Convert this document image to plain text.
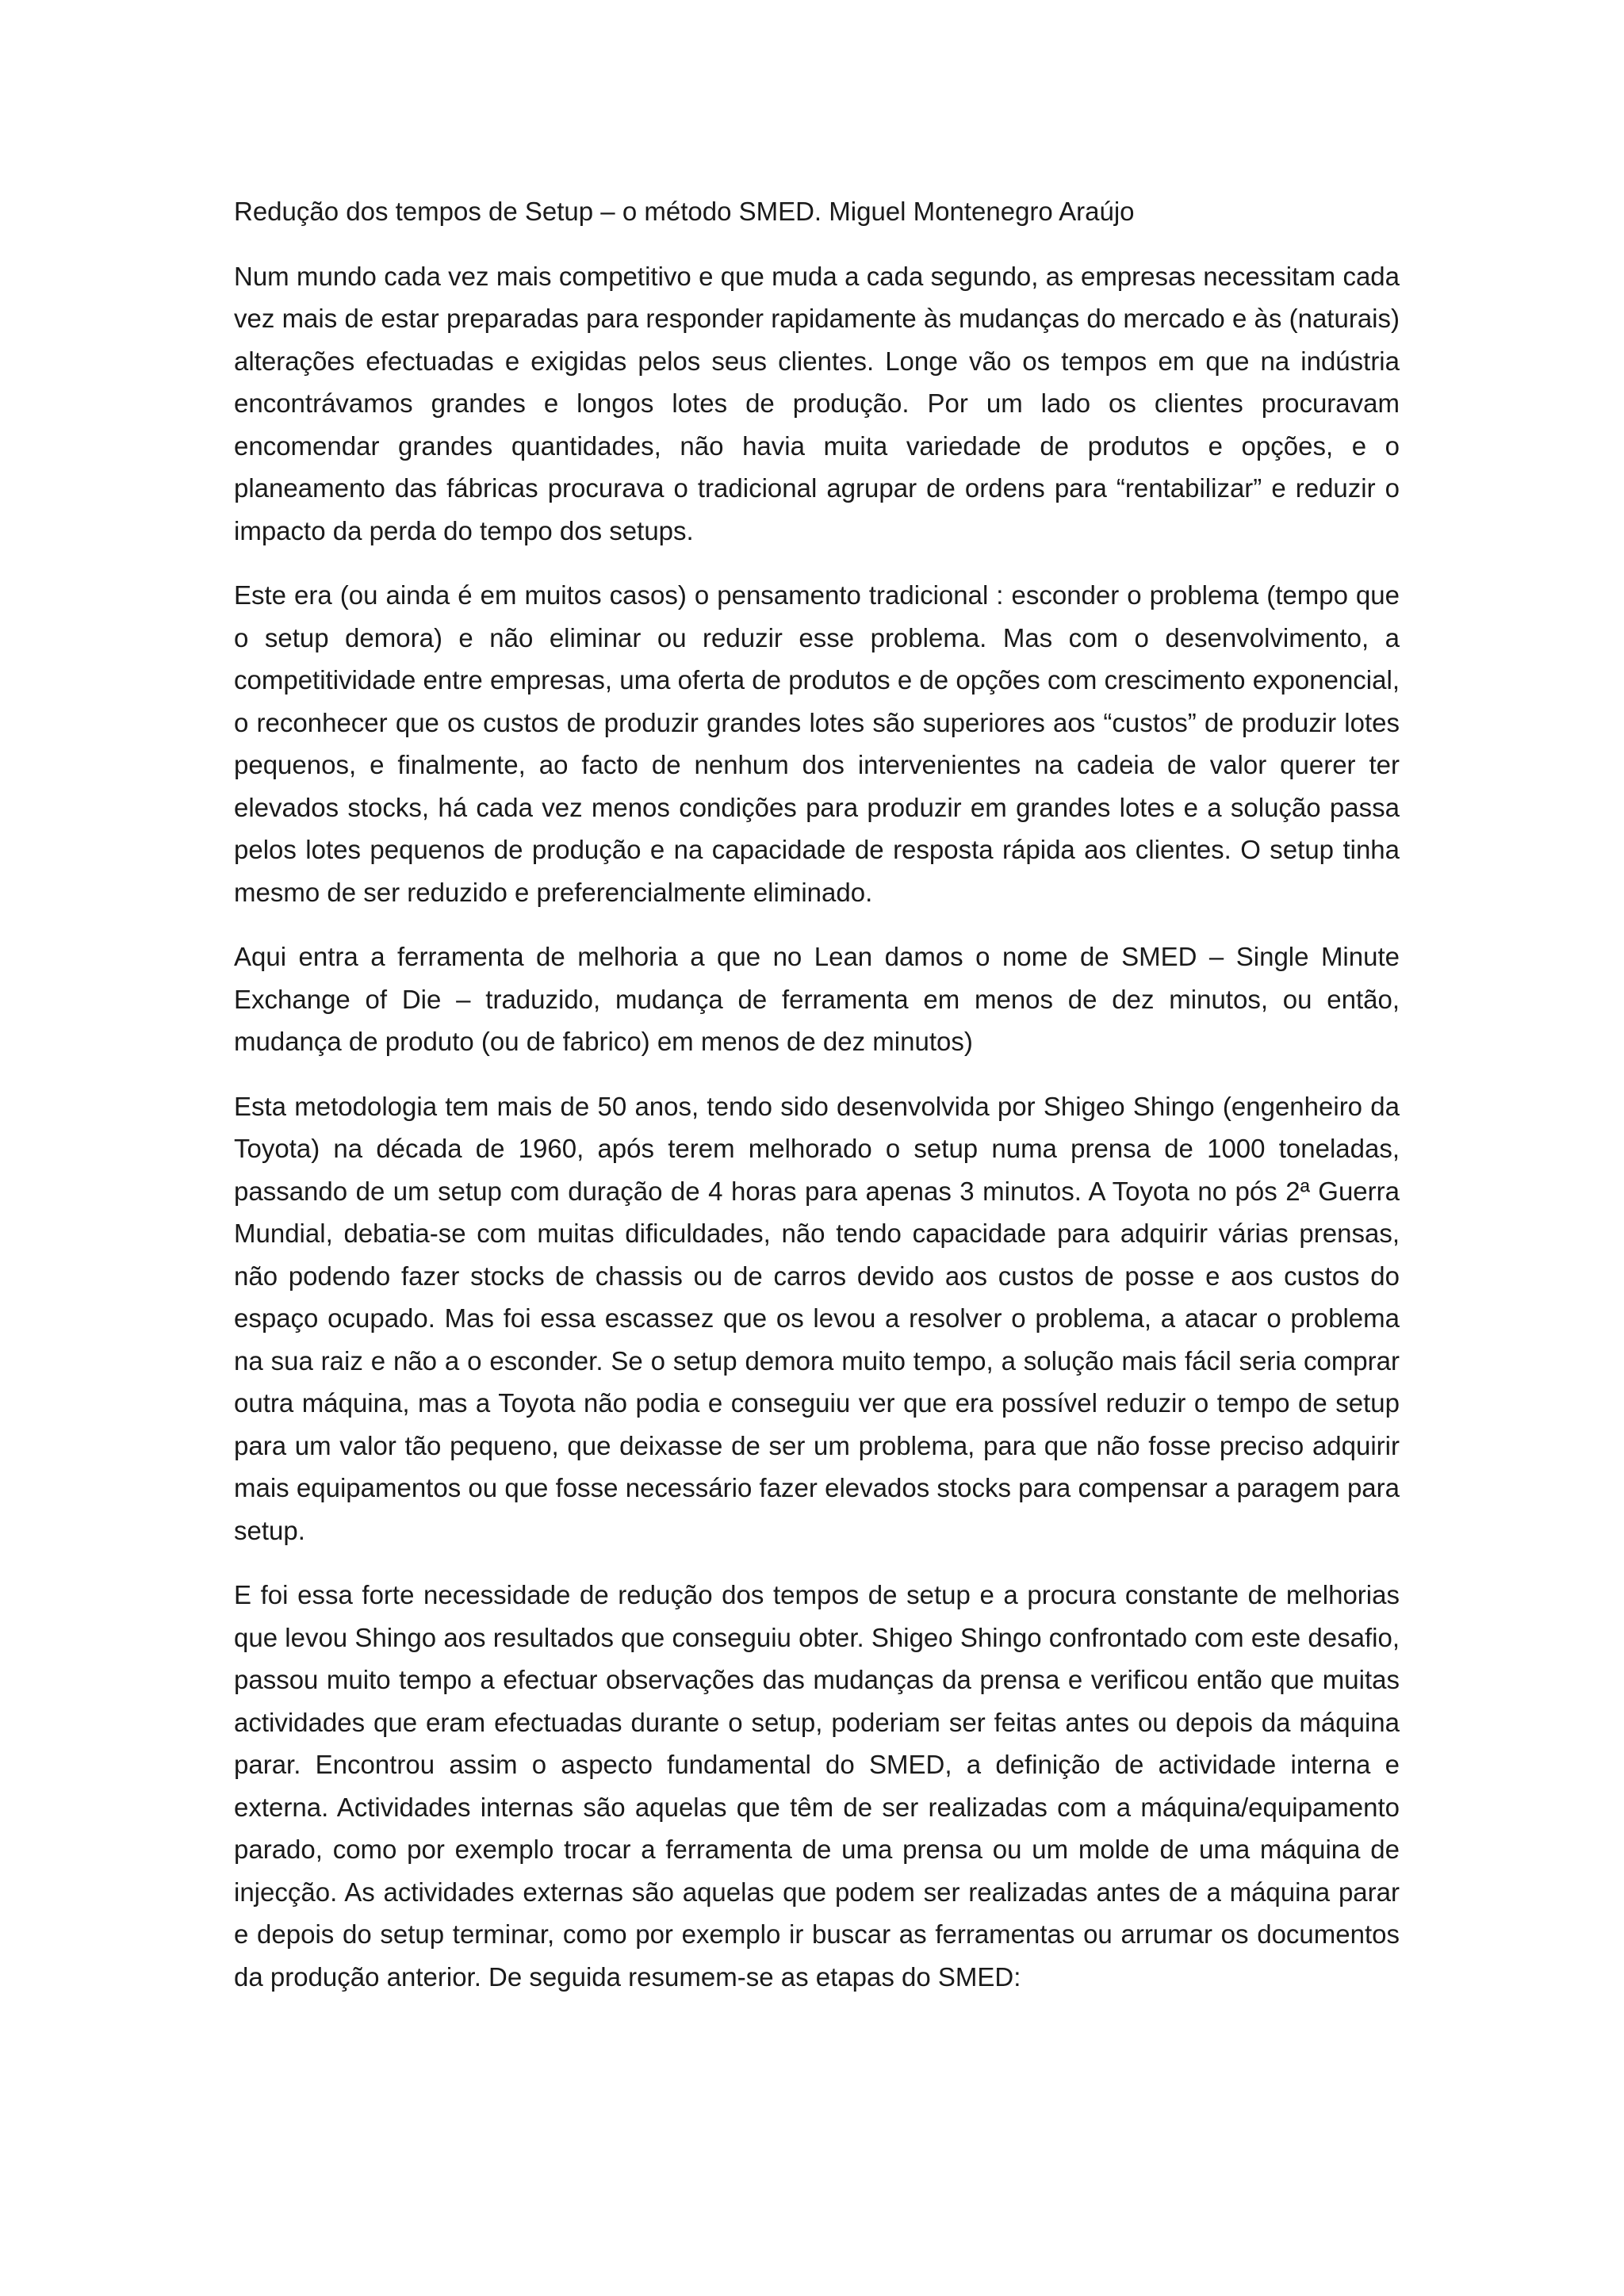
Redução dos tempos de Setup – o método SMED. Miguel Montenegro Araújo

Num mundo cada vez mais competitivo e que muda a cada segundo, as empresas necessitam cada vez mais de estar preparadas para responder rapidamente às mudanças do mercado e às (naturais) alterações efectuadas e exigidas pelos seus clientes. Longe vão os tempos em que na indústria encontrávamos grandes e longos lotes de produção. Por um lado os clientes procuravam encomendar grandes quantidades, não havia muita variedade de produtos e opções, e o planeamento das fábricas procurava o tradicional agrupar de ordens para “rentabilizar” e reduzir o impacto da perda do tempo dos setups.

Este era (ou ainda é em muitos casos) o pensamento tradicional : esconder o problema (tempo que o setup demora) e não eliminar ou reduzir esse problema. Mas com o desenvolvimento, a competitividade entre empresas, uma oferta de produtos e de opções com crescimento exponencial, o reconhecer que os custos de produzir grandes lotes são superiores aos “custos” de produzir lotes pequenos, e finalmente, ao facto de nenhum dos intervenientes na cadeia de valor querer ter elevados stocks, há cada vez menos condições para produzir em grandes lotes e a solução passa pelos lotes pequenos de produção e na capacidade de resposta rápida aos clientes. O setup tinha mesmo de ser reduzido e preferencialmente eliminado.

Aqui entra a ferramenta de melhoria a que no Lean damos o nome de SMED – Single Minute Exchange of Die – traduzido, mudança de ferramenta em menos de dez minutos, ou então, mudança de produto (ou de fabrico) em menos de dez minutos)

Esta metodologia tem mais de 50 anos, tendo sido desenvolvida por Shigeo Shingo (engenheiro da Toyota) na década de 1960, após terem melhorado o setup numa prensa de 1000 toneladas, passando de um setup com duração de 4 horas para apenas 3 minutos. A Toyota no pós 2ª Guerra Mundial, debatia-se com muitas dificuldades, não tendo capacidade para adquirir várias prensas, não podendo fazer stocks de chassis ou de carros devido aos custos de posse e aos custos do espaço ocupado. Mas foi essa escassez que os levou a resolver o problema, a atacar o problema na sua raiz e não a o esconder. Se o setup demora muito tempo, a solução mais fácil seria comprar outra máquina, mas a Toyota não podia e conseguiu ver que era possível reduzir o tempo de setup para um valor tão pequeno, que deixasse de ser um problema, para que não fosse preciso adquirir mais equipamentos ou que fosse necessário fazer elevados stocks para compensar a paragem para setup.

E foi essa forte necessidade de redução dos tempos de setup e a procura constante de melhorias que levou Shingo aos resultados que conseguiu obter. Shigeo Shingo confrontado com este desafio, passou muito tempo a efectuar observações das mudanças da prensa e verificou então que muitas actividades que eram efectuadas durante o setup, poderiam ser feitas antes ou depois da máquina parar. Encontrou assim o aspecto fundamental do SMED, a definição de actividade interna e externa. Actividades internas são aquelas que têm de ser realizadas com a máquina/equipamento parado, como por exemplo trocar a ferramenta de uma prensa ou um molde de uma máquina de injecção. As actividades externas são aquelas que podem ser realizadas antes de a máquina parar e depois do setup terminar, como por exemplo ir buscar as ferramentas ou arrumar os documentos da produção anterior. De seguida resumem-se as etapas do SMED:
